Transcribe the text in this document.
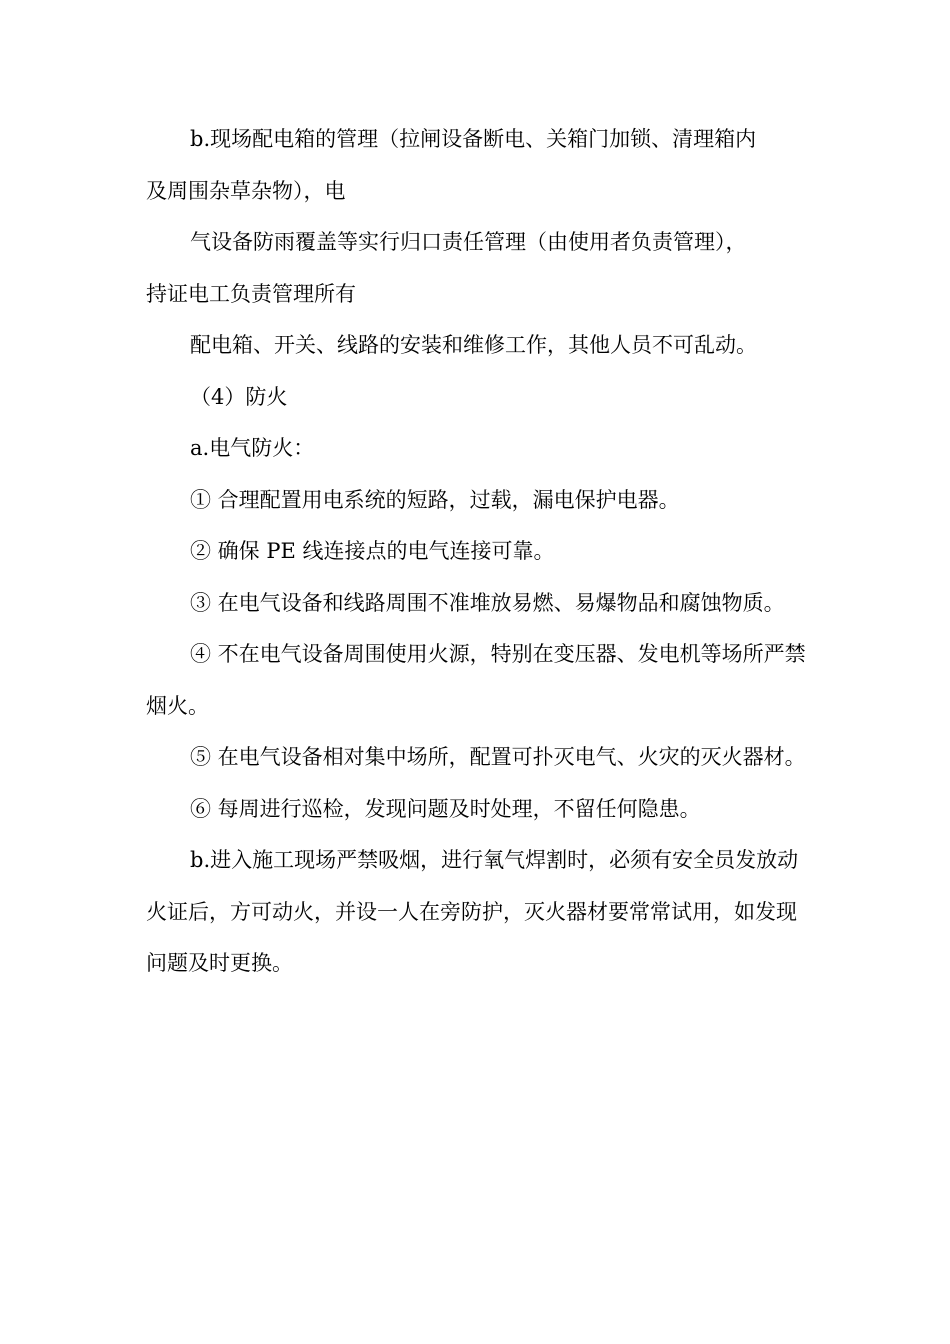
b.现场配电箱的管理（拉闸设备断电、关箱门加锁、清理箱内

及周围杂草杂物），电

气设备防雨覆盖等实行归口责任管理（由使用者负责管理），

持证电工负责管理所有

配电箱、开关、线路的安装和维修工作，其他人员不可乱动。

（4）防火

a.电气防火：

① 合理配置用电系统的短路，过载，漏电保护电器。

② 确保 PE 线连接点的电气连接可靠。

③ 在电气设备和线路周围不准堆放易燃、易爆物品和腐蚀物质。

④ 不在电气设备周围使用火源，特别在变压器、发电机等场所严禁烟火。

⑤ 在电气设备相对集中场所，配置可扑灭电气、火灾的灭火器材。

⑥ 每周进行巡检，发现问题及时处理，不留任何隐患。

b.进入施工现场严禁吸烟，进行氧气焊割时，必须有安全员发放动火证后，方可动火，并设一人在旁防护，灭火器材要常常试用，如发现问题及时更换。
